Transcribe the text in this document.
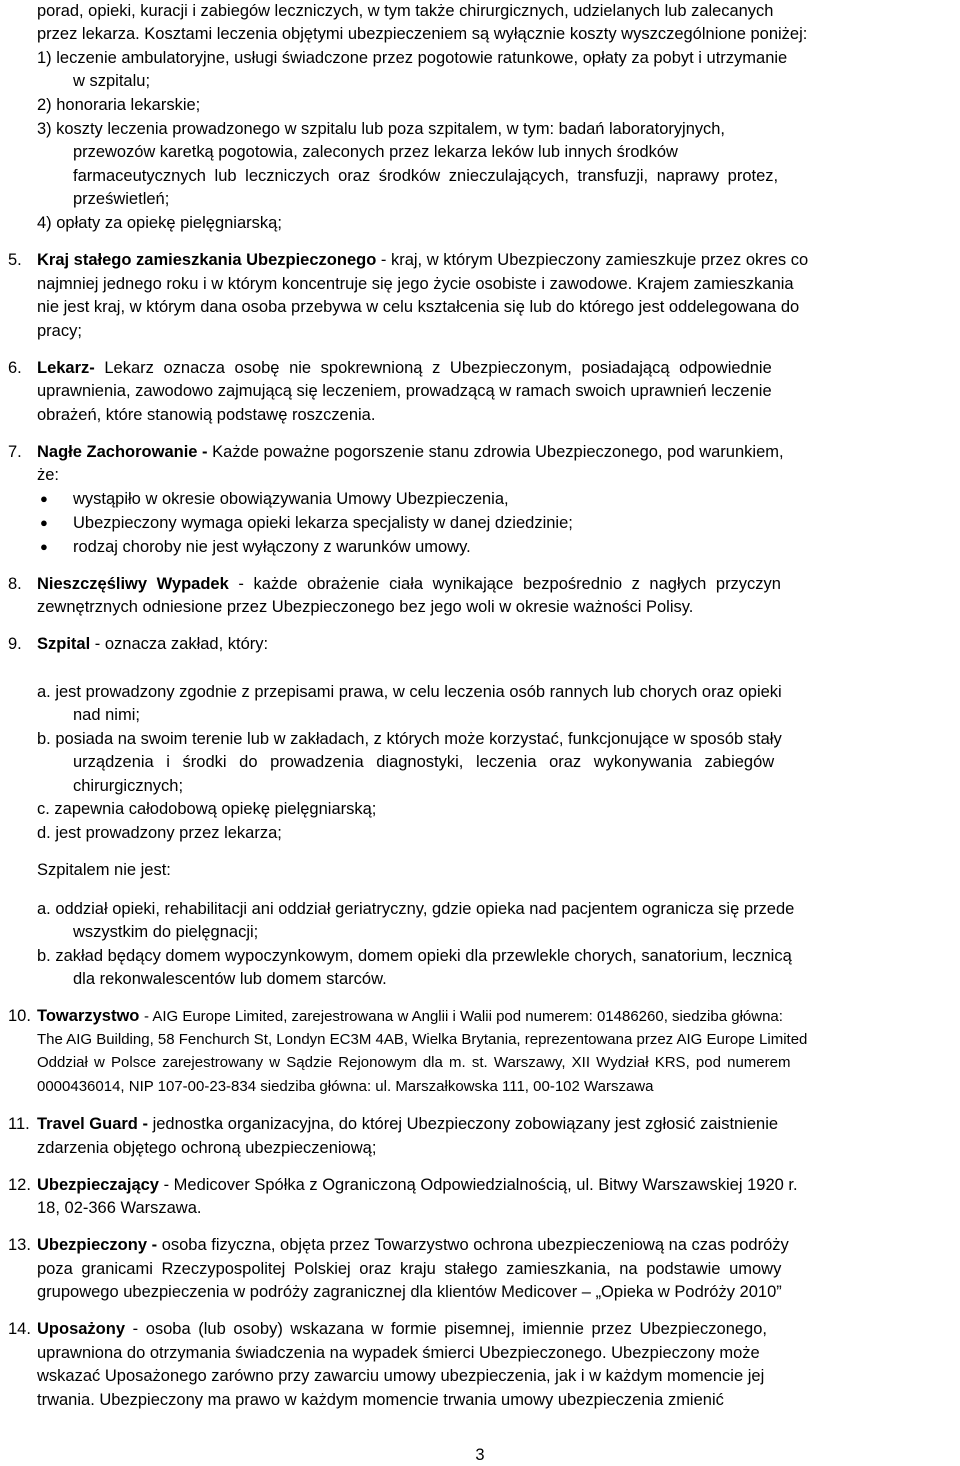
porad, opieki, kuracji i zabiegów leczniczych, w tym także chirurgicznych, udzielanych lub zalecanych
przez lekarza. Kosztami leczenia objętymi ubezpieczeniem są wyłącznie koszty wyszczególnione poniżej:
1) leczenie ambulatoryjne, usługi świadczone przez pogotowie ratunkowe, opłaty za pobyt i utrzymanie
w szpitalu;
2) honoraria lekarskie;
3) koszty leczenia prowadzonego w szpitalu lub poza szpitalem, w tym: badań laboratoryjnych,
przewozów karetką pogotowia, zaleconych przez lekarza leków lub innych środków
farmaceutycznych lub leczniczych oraz środków znieczulających, transfuzji, naprawy protez,
prześwietleń;
4) opłaty za opiekę pielęgniarską;
5. Kraj stałego zamieszkania Ubezpieczonego - kraj, w którym Ubezpieczony zamieszkuje przez okres co
najmniej jednego roku i w którym koncentruje się jego życie osobiste i zawodowe. Krajem zamieszkania
nie jest kraj, w którym dana osoba przebywa w celu kształcenia się lub do którego jest oddelegowana do
pracy;
6. Lekarz- Lekarz oznacza osobę nie spokrewnioną z Ubezpieczonym, posiadającą odpowiednie
uprawnienia, zawodowo zajmującą się leczeniem, prowadzącą w ramach swoich uprawnień leczenie
obrażeń, które stanowią podstawę roszczenia.
7. Nagłe Zachorowanie - Każde poważne pogorszenie stanu zdrowia Ubezpieczonego, pod warunkiem,
że:
● wystąpiło w okresie obowiązywania Umowy Ubezpieczenia,
● Ubezpieczony wymaga opieki lekarza specjalisty w danej dziedzinie;
● rodzaj choroby nie jest wyłączony z warunków umowy.
8. Nieszczęśliwy Wypadek - każde obrażenie ciała wynikające bezpośrednio z nagłych przyczyn
zewnętrznych odniesione przez Ubezpieczonego bez jego woli w okresie ważności Polisy.
9. Szpital - oznacza zakład, który:
a. jest prowadzony zgodnie z przepisami prawa, w celu leczenia osób rannych lub chorych oraz opieki
nad nimi;
b. posiada na swoim terenie lub w zakładach, z których może korzystać, funkcjonujące w sposób stały
urządzenia i środki do prowadzenia diagnostyki, leczenia oraz wykonywania zabiegów
chirurgicznych;
c. zapewnia całodobową opiekę pielęgniarską;
d. jest prowadzony przez lekarza;
Szpitalem nie jest:
a. oddział opieki, rehabilitacji ani oddział geriatryczny, gdzie opieka nad pacjentem ogranicza się przede
wszystkim do pielęgnacji;
b. zakład będący domem wypoczynkowym, domem opieki dla przewlekle chorych, sanatorium, lecznicą
dla rekonwalescentów lub domem starców.
10. Towarzystwo - AIG Europe Limited, zarejestrowana w Anglii i Walii pod numerem: 01486260, siedziba główna:
The AIG Building, 58 Fenchurch St, Londyn EC3M 4AB, Wielka Brytania, reprezentowana przez AIG Europe Limited
Oddział w Polsce zarejestrowany w Sądzie Rejonowym dla m. st. Warszawy, XII Wydział KRS, pod numerem
0000436014, NIP 107-00-23-834 siedziba główna: ul. Marszałkowska 111, 00-102 Warszawa
11. Travel Guard - jednostka organizacyjna, do której Ubezpieczony zobowiązany jest zgłosić zaistnienie
zdarzenia objętego ochroną ubezpieczeniową;
12. Ubezpieczający - Medicover Spółka z Ograniczoną Odpowiedzialnością, ul. Bitwy Warszawskiej 1920 r.
18, 02-366 Warszawa.
13. Ubezpieczony - osoba fizyczna, objęta przez Towarzystwo ochrona ubezpieczeniową na czas podróży
poza granicami Rzeczypospolitej Polskiej oraz kraju stałego zamieszkania, na podstawie umowy
grupowego ubezpieczenia w podróży zagranicznej dla klientów Medicover – „Opieka w Podróży 2010”
14. Uposażony - osoba (lub osoby) wskazana w formie pisemnej, imiennie przez Ubezpieczonego,
uprawniona do otrzymania świadczenia na wypadek śmierci Ubezpieczonego. Ubezpieczony może
wskazać Uposażonego zarówno przy zawarciu umowy ubezpieczenia, jak i w każdym momencie jej
trwania. Ubezpieczony ma prawo w każdym momencie trwania umowy ubezpieczenia zmienić
3
